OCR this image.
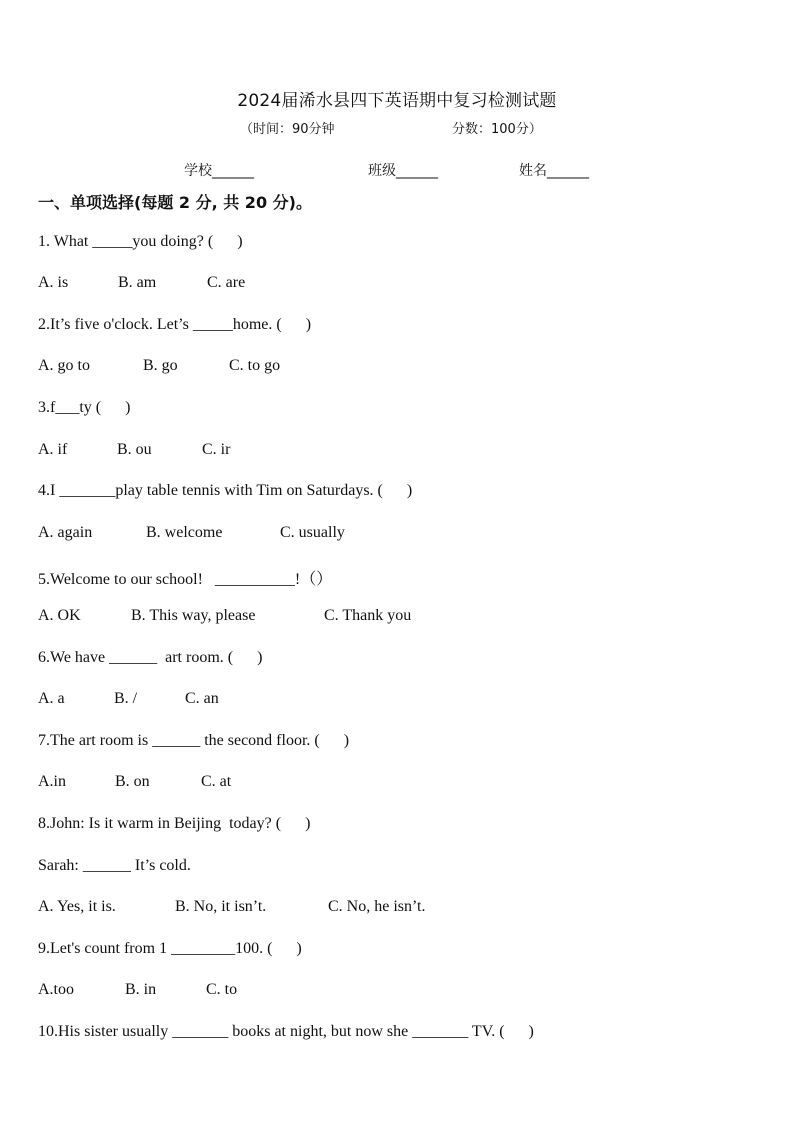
2024届浠水县四下英语期中复习检测试题
（时间：90分钟	分数：100分）
学校______	班级______	姓名______
一、单项选择(每题 2 分, 共 20 分)。
1. What _____you doing? (      )
A. is	B. am	C. are
2.It’s five o'clock. Let’s _____home. (      )
A. go to	B. go	C. to go
3.f___ty (      )
A. if	B. ou	C. ir
4.I _______play table tennis with Tim on Saturdays. (      )
A. again	B. welcome	C. usually
5.Welcome to our school!   __________!（）
A. OK	B. This way, please	C. Thank you
6.We have ______  art room. (      )
A. a	B. /	C. an
7.The art room is ______ the second floor. (      )
A.in	B. on	C. at
8.John: Is it warm in Beijing  today? (      )
Sarah: ______ It’s cold.
A. Yes, it is.	B. No, it isn’t.	C. No, he isn’t.
9.Let's count from 1 ________100. (      )
A.too	B. in	C. to
10.His sister usually _______ books at night, but now she _______ TV. (      )
